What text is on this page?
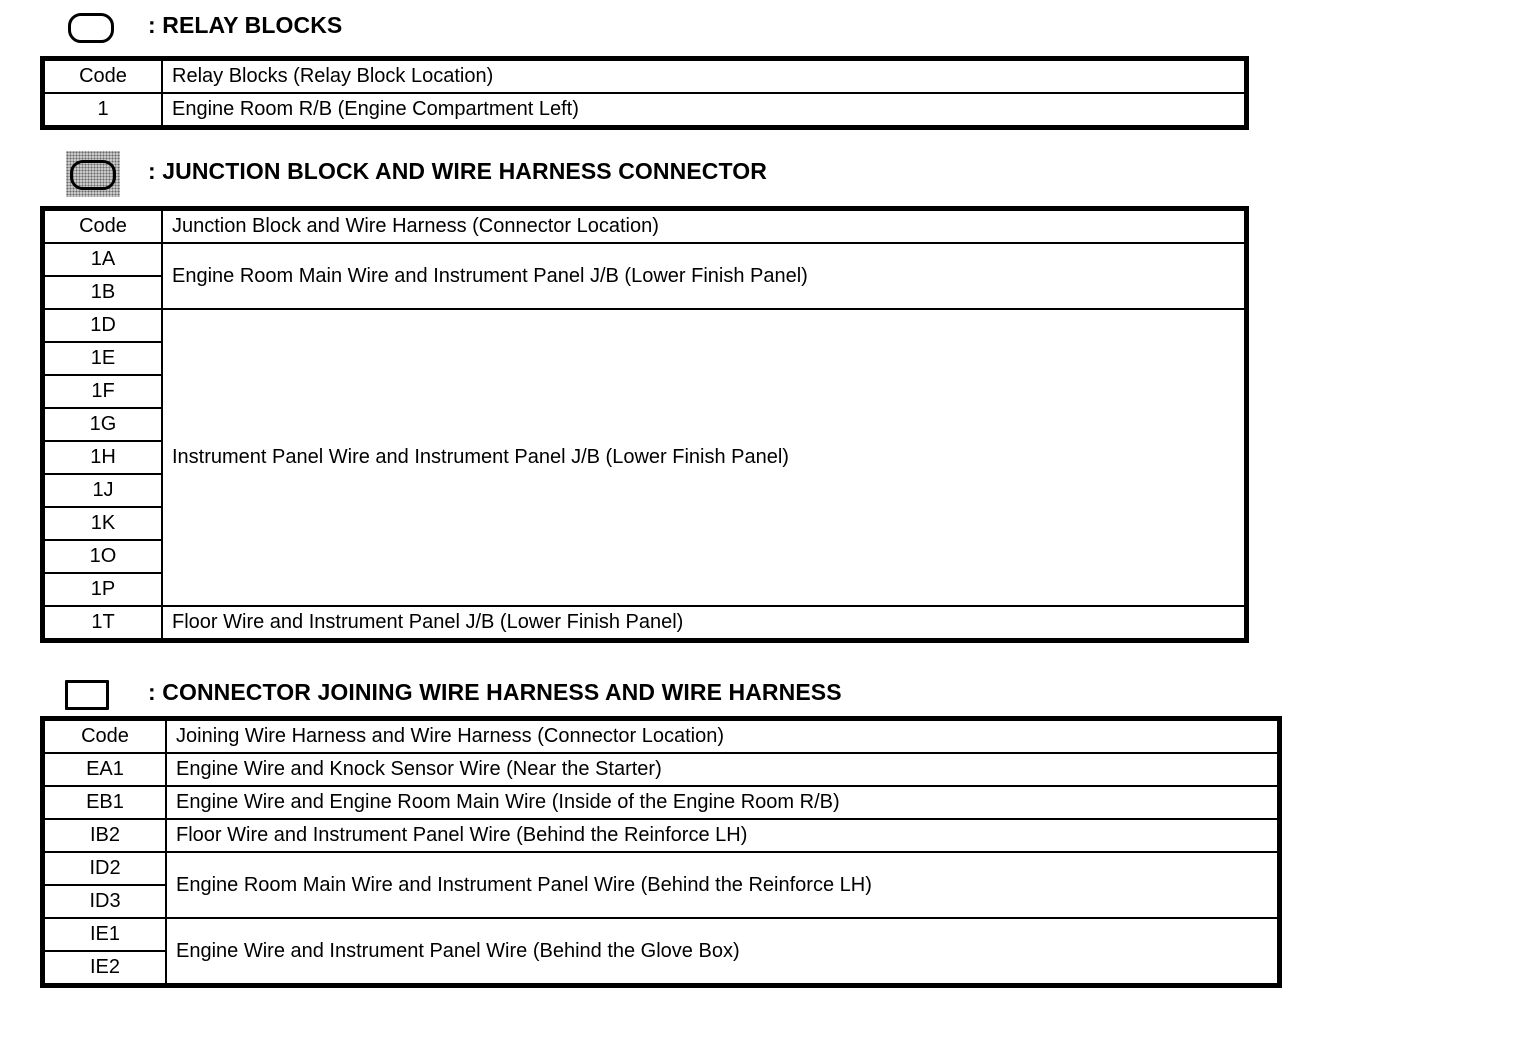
: RELAY BLOCKS
Code	Relay Blocks (Relay Block Location)
1	Engine Room R/B (Engine Compartment Left)
: JUNCTION BLOCK AND WIRE HARNESS CONNECTOR
Code	Junction Block and Wire Harness (Connector Location)
1A	Engine Room Main Wire and Instrument Panel J/B (Lower Finish Panel)
1B	
1D	Instrument Panel Wire and Instrument Panel J/B (Lower Finish Panel)
1E	
1F	
1G	
1H	
1J	
1K	
1O	
1P	
1T	Floor Wire and Instrument Panel J/B (Lower Finish Panel)
: CONNECTOR JOINING WIRE HARNESS AND WIRE HARNESS
Code	Joining Wire Harness and Wire Harness (Connector Location)
EA1	Engine Wire and Knock Sensor Wire (Near the Starter)
EB1	Engine Wire and Engine Room Main Wire (Inside of the Engine Room R/B)
IB2	Floor Wire and Instrument Panel Wire (Behind the Reinforce LH)
ID2	Engine Room Main Wire and Instrument Panel Wire (Behind the Reinforce LH)
ID3	
IE1	Engine Wire and Instrument Panel Wire (Behind the Glove Box)
IE2	
